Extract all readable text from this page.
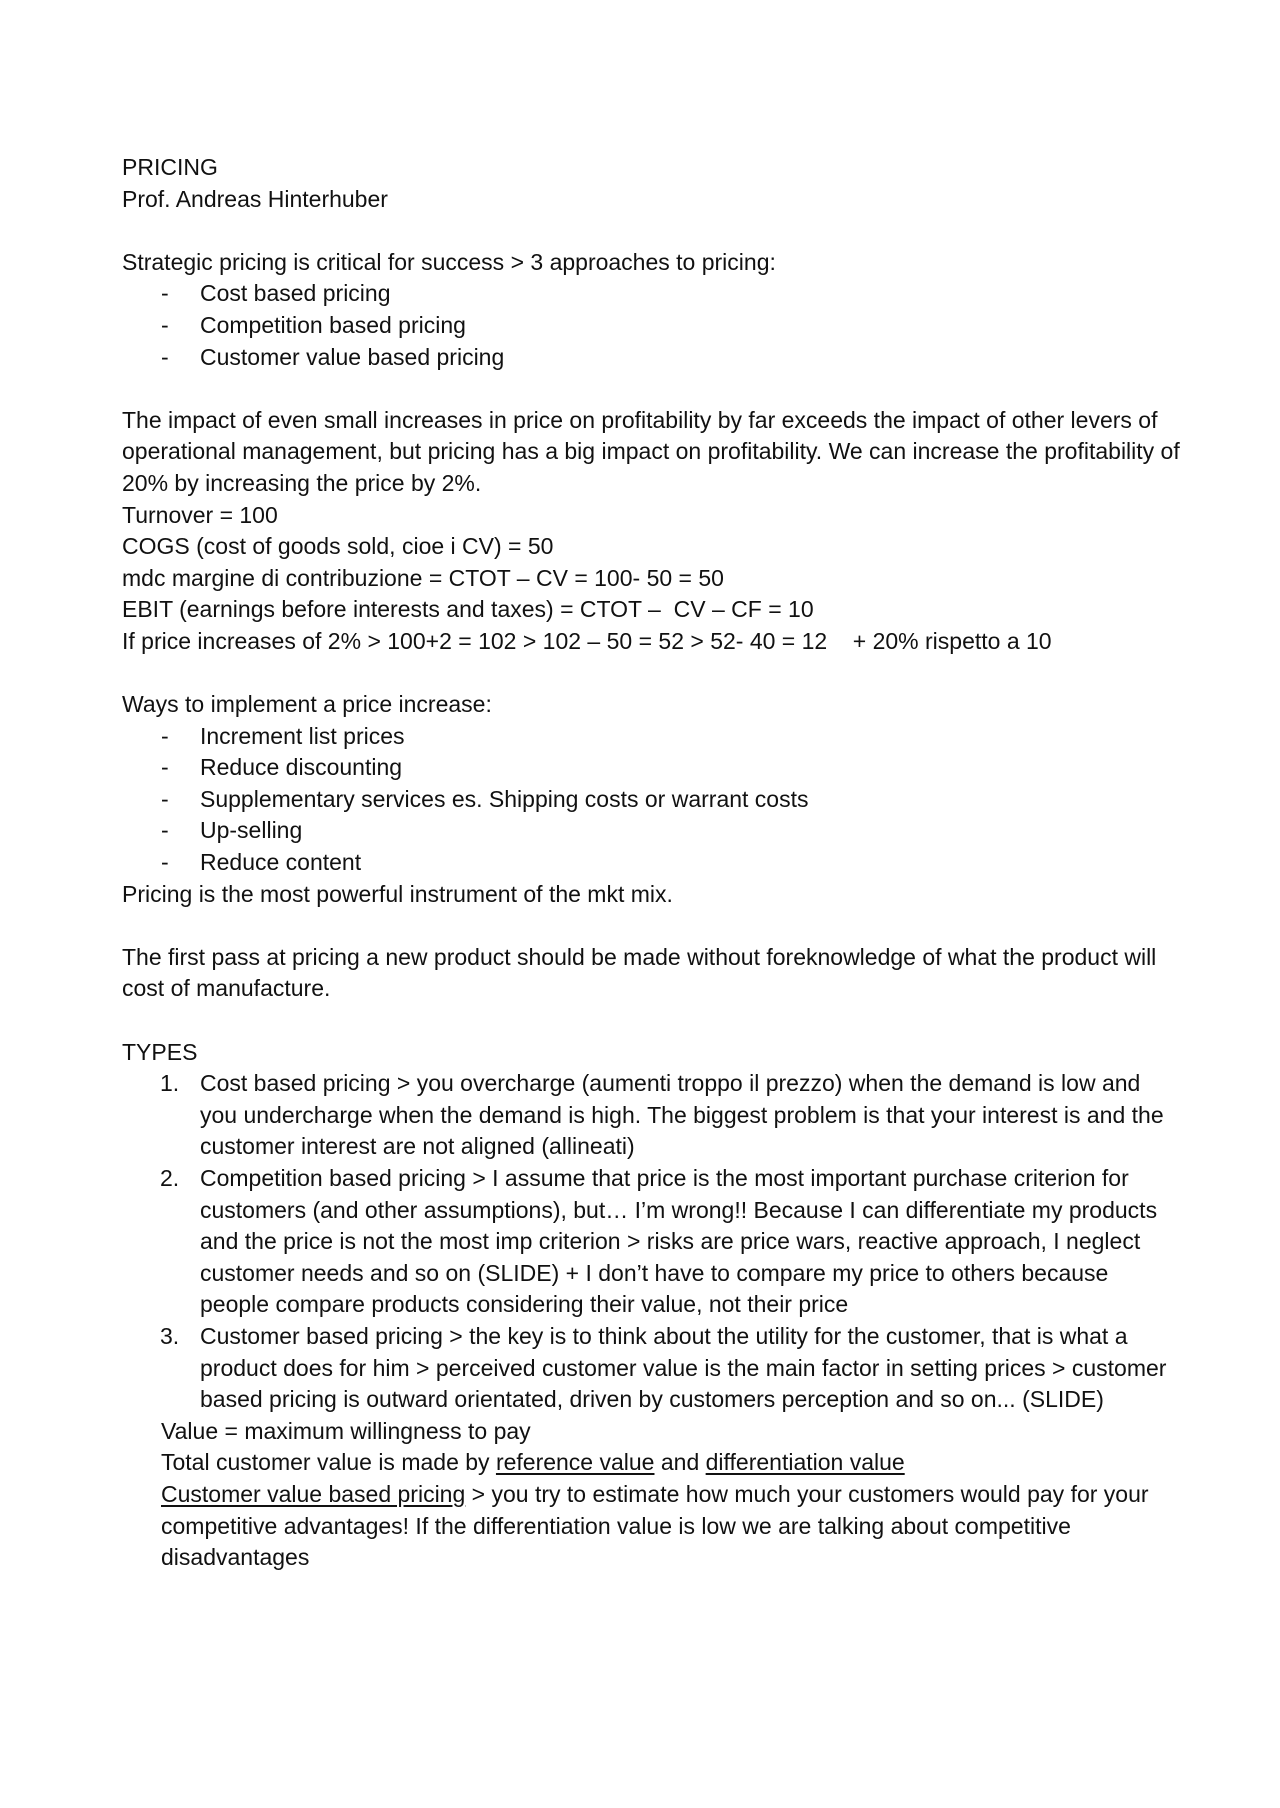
PRICING
Prof. Andreas Hinterhuber
Strategic pricing is critical for success > 3 approaches to pricing:
- Cost based pricing
- Competition based pricing
- Customer value based pricing
The impact of even small increases in price on profitability by far exceeds the impact of other levers of operational management, but pricing has a big impact on profitability. We can increase the profitability of 20% by increasing the price by 2%.
Turnover = 100
COGS (cost of goods sold, cioe i CV) = 50
mdc margine di contribuzione = CTOT – CV = 100- 50 = 50
EBIT (earnings before interests and taxes) = CTOT –  CV – CF = 10
If price increases of 2% > 100+2 = 102 > 102 – 50 = 52 > 52- 40 = 12    + 20% rispetto a 10
Ways to implement a price increase:
- Increment list prices
- Reduce discounting
- Supplementary services es. Shipping costs or warrant costs
- Up-selling
- Reduce content
Pricing is the most powerful instrument of the mkt mix.
The first pass at pricing a new product should be made without foreknowledge of what the product will cost of manufacture.
TYPES
1. Cost based pricing > you overcharge (aumenti troppo il prezzo) when the demand is low and you undercharge when the demand is high. The biggest problem is that your interest is and the customer interest are not aligned (allineati)
2. Competition based pricing > I assume that price is the most important purchase criterion for customers (and other assumptions), but… I’m wrong!! Because I can differentiate my products and the price is not the most imp criterion > risks are price wars, reactive approach, I neglect customer needs and so on (SLIDE) + I don’t have to compare my price to others because people compare products considering their value, not their price
3. Customer based pricing > the key is to think about the utility for the customer, that is what a product does for him > perceived customer value is the main factor in setting prices > customer based pricing is outward orientated, driven by customers perception and so on... (SLIDE)
Value = maximum willingness to pay
Total customer value is made by reference value and differentiation value
Customer value based pricing > you try to estimate how much your customers would pay for your competitive advantages! If the differentiation value is low we are talking about competitive disadvantages
